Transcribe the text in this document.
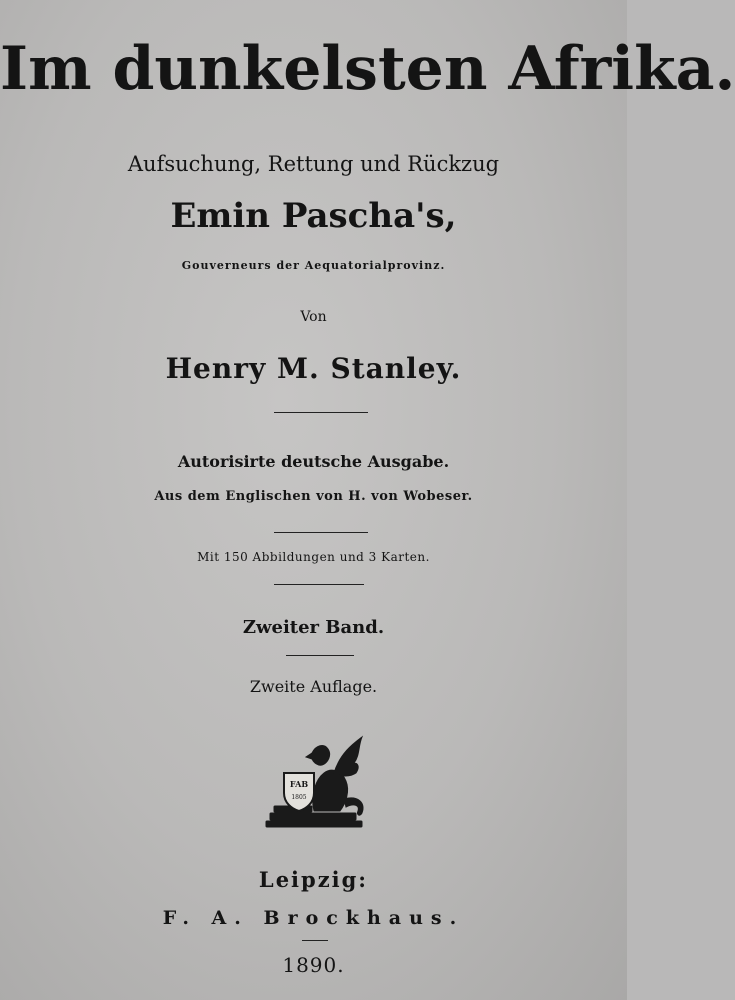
Im dunkelsten Afrika.
Aufsuchung, Rettung und Rückzug
Emin Pascha's,
Gouverneurs der Aequatorialprovinz.
Von
Henry M. Stanley.
Autorisirte deutsche Ausgabe.
Aus dem Englischen von H. von Wobeser.
Mit 150 Abbildungen und 3 Karten.
Zweiter Band.
Zweite Auflage.
FAB
1805
Leipzig:
F. A. Brockhaus.
1890.
